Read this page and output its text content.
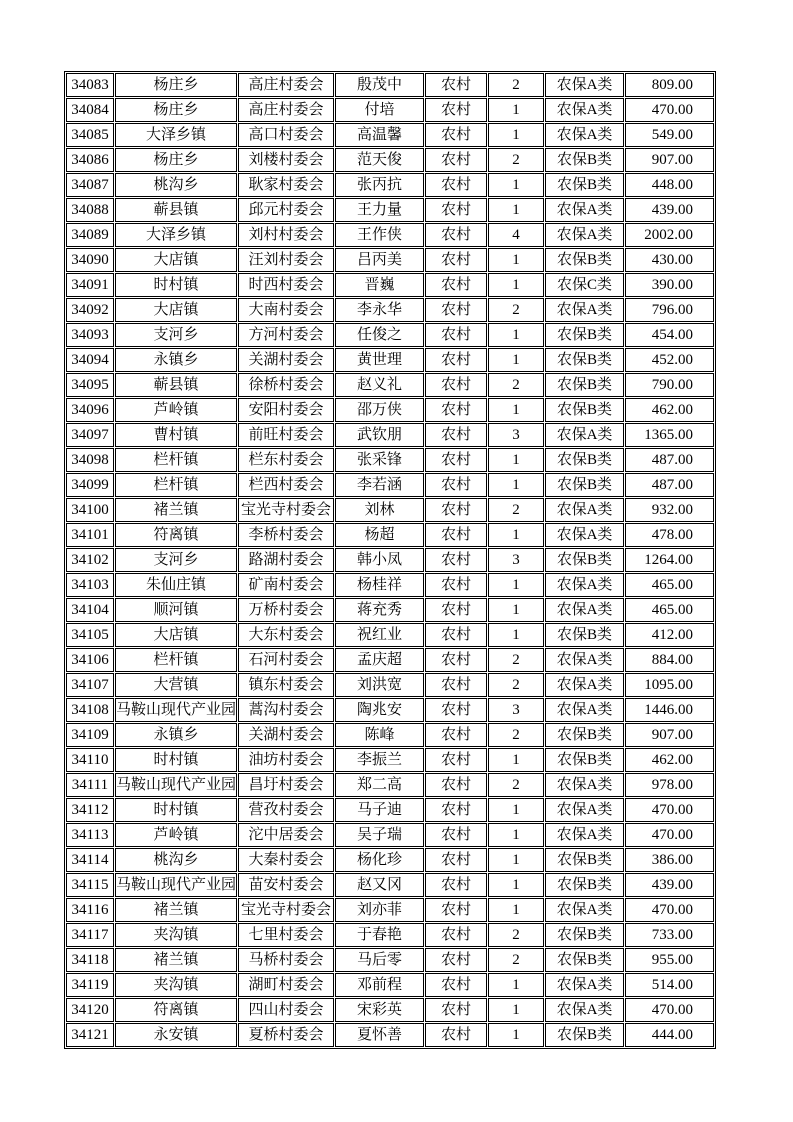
34083	杨庄乡	高庄村委会	殷茂中	农村	2	农保A类	809.00
34084	杨庄乡	高庄村委会	付培	农村	1	农保A类	470.00
34085	大泽乡镇	高口村委会	高温馨	农村	1	农保A类	549.00
34086	杨庄乡	刘楼村委会	范天俊	农村	2	农保B类	907.00
34087	桃沟乡	耿家村委会	张丙抗	农村	1	农保B类	448.00
34088	蕲县镇	邱元村委会	王力量	农村	1	农保A类	439.00
34089	大泽乡镇	刘村村委会	王作侠	农村	4	农保A类	2002.00
34090	大店镇	汪刘村委会	吕丙美	农村	1	农保B类	430.00
34091	时村镇	时西村委会	晋巍	农村	1	农保C类	390.00
34092	大店镇	大南村委会	李永华	农村	2	农保A类	796.00
34093	支河乡	方河村委会	任俊之	农村	1	农保B类	454.00
34094	永镇乡	关湖村委会	黄世理	农村	1	农保B类	452.00
34095	蕲县镇	徐桥村委会	赵义礼	农村	2	农保B类	790.00
34096	芦岭镇	安阳村委会	邵万侠	农村	1	农保B类	462.00
34097	曹村镇	前旺村委会	武钦朋	农村	3	农保A类	1365.00
34098	栏杆镇	栏东村委会	张采锋	农村	1	农保B类	487.00
34099	栏杆镇	栏西村委会	李若涵	农村	1	农保B类	487.00
34100	褚兰镇	宝光寺村委会	刘林	农村	2	农保A类	932.00
34101	符离镇	李桥村委会	杨超	农村	1	农保A类	478.00
34102	支河乡	路湖村委会	韩小凤	农村	3	农保B类	1264.00
34103	朱仙庄镇	矿南村委会	杨桂祥	农村	1	农保A类	465.00
34104	顺河镇	万桥村委会	蒋充秀	农村	1	农保A类	465.00
34105	大店镇	大东村委会	祝红业	农村	1	农保B类	412.00
34106	栏杆镇	石河村委会	孟庆超	农村	2	农保A类	884.00
34107	大营镇	镇东村委会	刘洪宽	农村	2	农保A类	1095.00
34108	马鞍山现代产业园	蒿沟村委会	陶兆安	农村	3	农保A类	1446.00
34109	永镇乡	关湖村委会	陈峰	农村	2	农保B类	907.00
34110	时村镇	油坊村委会	李振兰	农村	1	农保B类	462.00
34111	马鞍山现代产业园	昌圩村委会	郑二高	农村	2	农保A类	978.00
34112	时村镇	营孜村委会	马子迪	农村	1	农保A类	470.00
34113	芦岭镇	沱中居委会	吴子瑞	农村	1	农保A类	470.00
34114	桃沟乡	大秦村委会	杨化珍	农村	1	农保B类	386.00
34115	马鞍山现代产业园	苗安村委会	赵又冈	农村	1	农保B类	439.00
34116	褚兰镇	宝光寺村委会	刘亦菲	农村	1	农保A类	470.00
34117	夹沟镇	七里村委会	于春艳	农村	2	农保B类	733.00
34118	褚兰镇	马桥村委会	马后零	农村	2	农保B类	955.00
34119	夹沟镇	湖町村委会	邓前程	农村	1	农保A类	514.00
34120	符离镇	四山村委会	宋彩英	农村	1	农保A类	470.00
34121	永安镇	夏桥村委会	夏怀善	农村	1	农保B类	444.00
